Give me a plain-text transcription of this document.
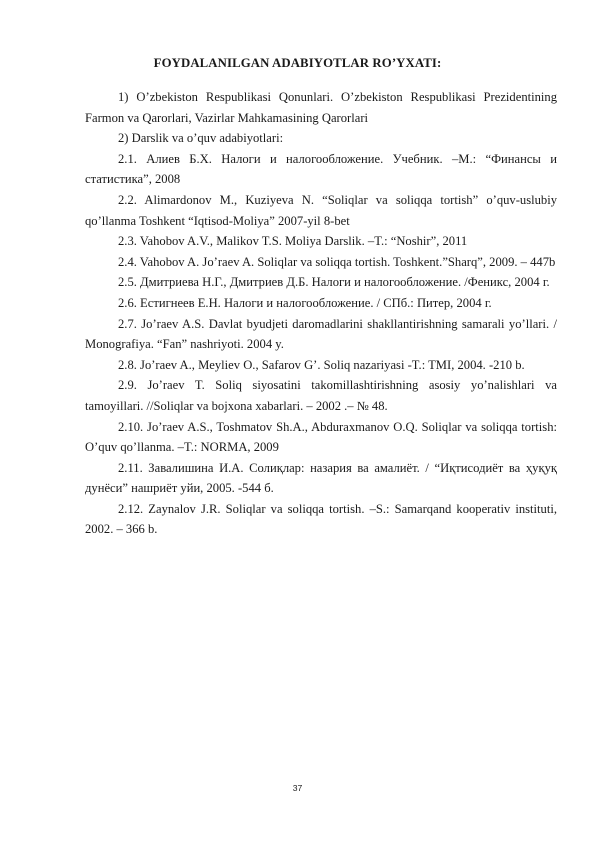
FOYDALANILGAN ADABIYOTLAR RO’YXATI:

1) O’zbekiston Respublikasi Qonunlari. O’zbekiston Respublikasi Prezidentining Farmon va Qarorlari, Vazirlar Mahkamasining Qarorlari

2) Darslik va o’quv adabiyotlari:

2.1. Алиев Б.Х. Налоги и налогообложение. Учебник. –М.: “Финансы и статистика”, 2008

2.2. Alimardonov M., Kuziyeva N. “Soliqlar va soliqqa tortish” o’quv-uslubiy qo’llanma Toshkent “Iqtisod-Moliya” 2007-yil 8-bet

2.3. Vahobov A.V., Malikov T.S. Moliya Darslik. –T.: “Noshir”, 2011

2.4. Vahobov A. Jo’raev A. Soliqlar va soliqqa tortish. Toshkent.”Sharq”, 2009. – 447b

2.5. Дмитриева Н.Г., Дмитриев Д.Б. Налоги и налогообложение. /Феникс, 2004 г.

2.6. Естигнеев Е.Н. Налоги и налогообложение. / СПб.: Питер, 2004 г.

2.7. Jo’raev A.S. Davlat byudjeti daromadlarini shakllantirishning samarali yo’llari. / Monografiya. “Fan” nashriyoti. 2004 y.

2.8. Jo’raev A., Meyliev O., Safarov G’. Soliq nazariyasi -T.: TMI, 2004. -210 b.

2.9. Jo’raev T. Soliq siyosatini takomillashtirishning asosiy yo’nalishlari va tamoyillari. //Soliqlar va bojxona xabarlari. – 2002 .– № 48.

2.10. Jo’raev A.S., Toshmatov Sh.A., Abduraxmanov O.Q. Soliqlar va soliqqa tortish: O’quv qo’llanma. –T.: NORMA, 2009

2.11. Завалишина И.А. Солиқлар: назария ва амалиёт. / “Иқтисодиёт ва ҳуқуқ дунёси” нашриёт уйи, 2005. -544 б.

2.12. Zaynalov J.R. Soliqlar va soliqqa tortish. –S.: Samarqand kooperativ instituti, 2002. – 366 b.

37
